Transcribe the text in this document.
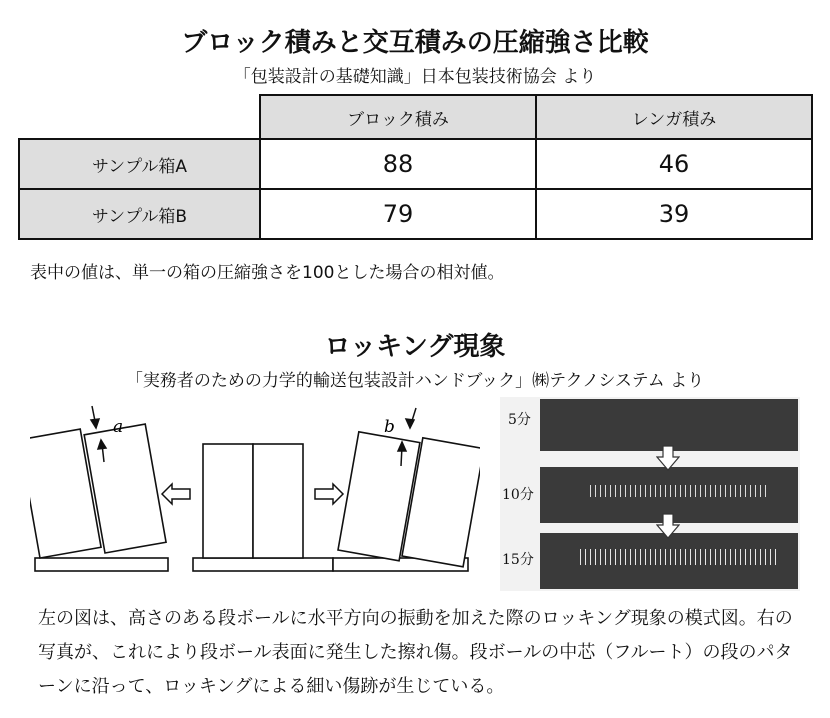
ブロック積みと交互積みの圧縮強さ比較
「包装設計の基礎知識」日本包装技術協会 より
	ブロック積み	レンガ積み
サンプル箱A	88	46
サンプル箱B	79	39
表中の値は、単一の箱の圧縮強さを100とした場合の相対値。
ロッキング現象
「実務者のための力学的輸送包装設計ハンドブック」㈱テクノシステム より
a	b	5分
10分
15分
左の図は、高さのある段ボールに水平方向の振動を加えた際のロッキング現象の模式図。右の写真が、これにより段ボール表面に発生した擦れ傷。段ボールの中芯（フルート）の段のパターンに沿って、ロッキングによる細い傷跡が生じている。
